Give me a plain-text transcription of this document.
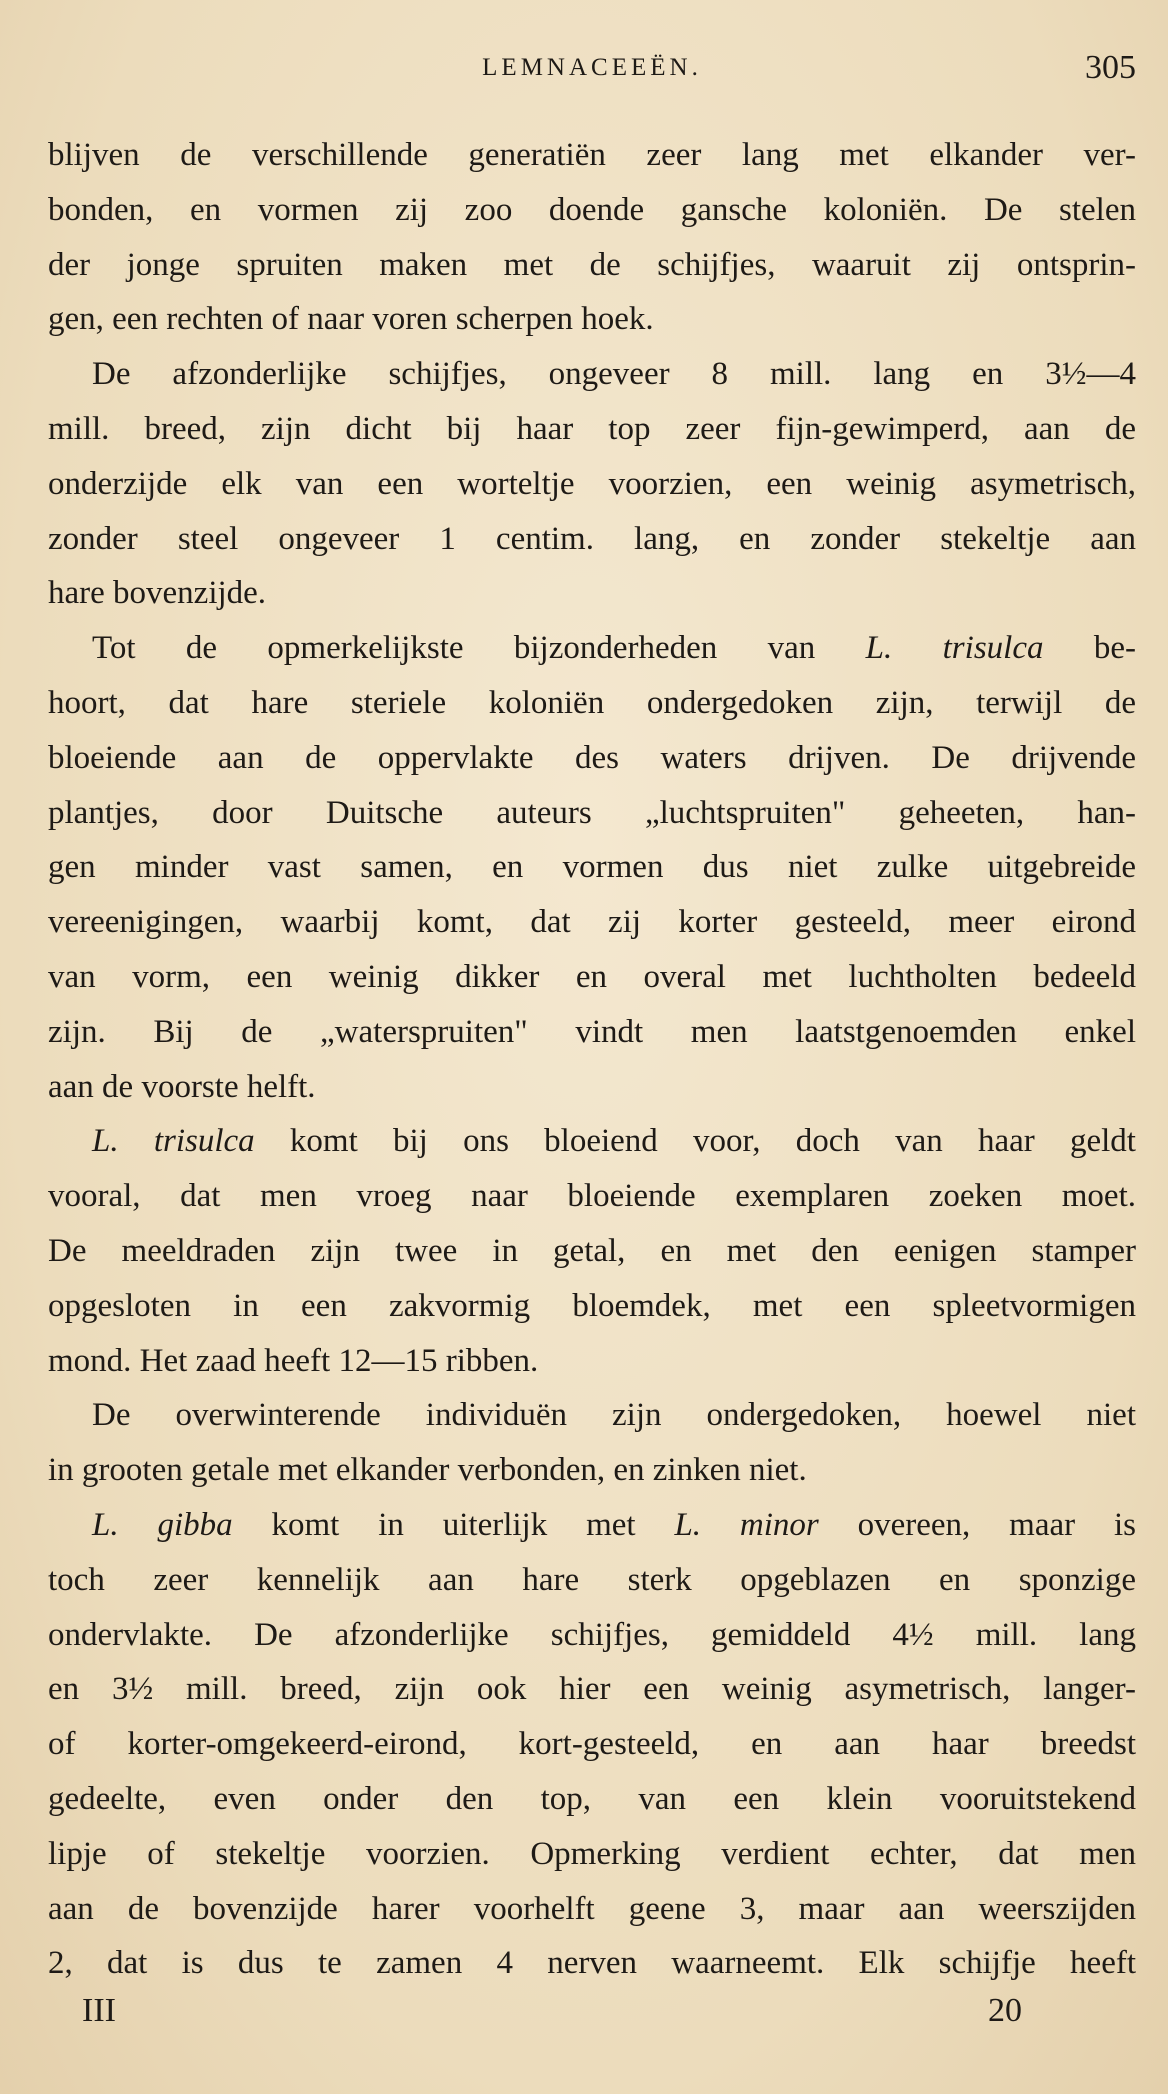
LEMNACEEËN.	305
blijven de verschillende generatiën zeer lang met elkander ver-
bonden, en vormen zij zoo doende gansche koloniën. De stelen
der jonge spruiten maken met de schijfjes, waaruit zij ontsprin-
gen, een rechten of naar voren scherpen hoek.
De afzonderlijke schijfjes, ongeveer 8 mill. lang en 3½—4
mill. breed, zijn dicht bij haar top zeer fijn-gewimperd, aan de
onderzijde elk van een worteltje voorzien, een weinig asymetrisch,
zonder steel ongeveer 1 centim. lang, en zonder stekeltje aan
hare bovenzijde.
Tot de opmerkelijkste bijzonderheden van L. trisulca be-
hoort, dat hare steriele koloniën ondergedoken zijn, terwijl de
bloeiende aan de oppervlakte des waters drijven. De drijvende
plantjes, door Duitsche auteurs „luchtspruiten" geheeten, han-
gen minder vast samen, en vormen dus niet zulke uitgebreide
vereenigingen, waarbij komt, dat zij korter gesteeld, meer eirond
van vorm, een weinig dikker en overal met luchtholten bedeeld
zijn. Bij de „waterspruiten" vindt men laatstgenoemden enkel
aan de voorste helft.
L. trisulca komt bij ons bloeiend voor, doch van haar geldt
vooral, dat men vroeg naar bloeiende exemplaren zoeken moet.
De meeldraden zijn twee in getal, en met den eenigen stamper
opgesloten in een zakvormig bloemdek, met een spleetvormigen
mond. Het zaad heeft 12—15 ribben.
De overwinterende individuën zijn ondergedoken, hoewel niet
in grooten getale met elkander verbonden, en zinken niet.
L. gibba komt in uiterlijk met L. minor overeen, maar is
toch zeer kennelijk aan hare sterk opgeblazen en sponzige
ondervlakte. De afzonderlijke schijfjes, gemiddeld 4½ mill. lang
en 3½ mill. breed, zijn ook hier een weinig asymetrisch, langer-
of korter-omgekeerd-eirond, kort-gesteeld, en aan haar breedst
gedeelte, even onder den top, van een klein vooruitstekend
lipje of stekeltje voorzien. Opmerking verdient echter, dat men
aan de bovenzijde harer voorhelft geene 3, maar aan weerszijden
2, dat is dus te zamen 4 nerven waarneemt. Elk schijfje heeft
III	20
